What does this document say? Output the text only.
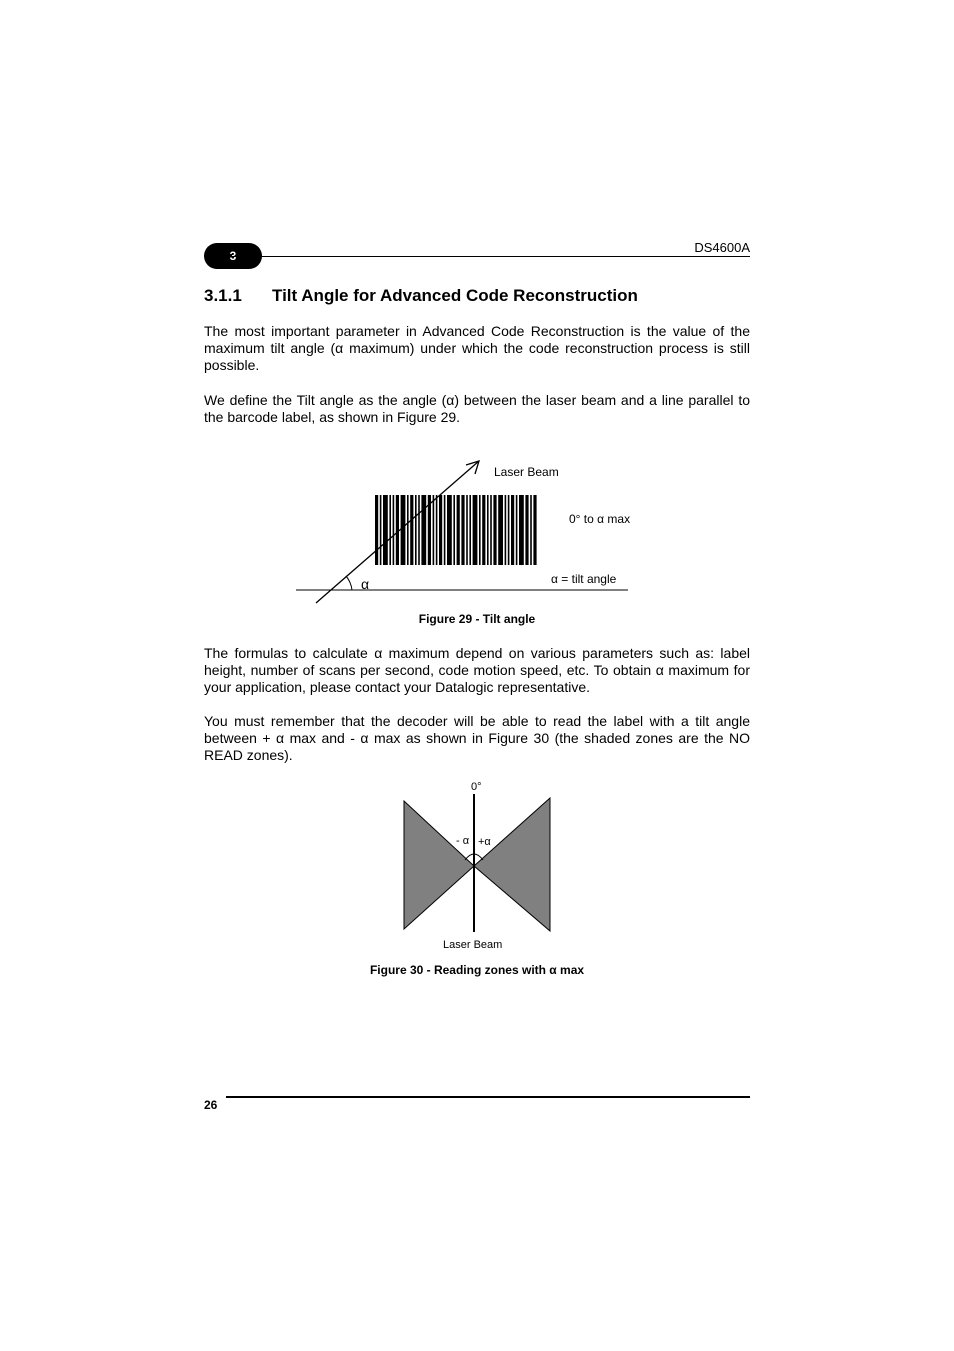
3
DS4600A
3.1.1 Tilt Angle for Advanced Code Reconstruction
The most important parameter in Advanced Code Reconstruction is the value of the maximum tilt angle (α maximum) under which the code reconstruction process is still possible.
We define the Tilt angle as the angle (α) between the laser beam and a line parallel to the barcode label, as shown in Figure 29.
α
Laser Beam
0° to α max
α = tilt angle
Figure 29 - Tilt angle
The formulas to calculate α maximum depend on various parameters such as: label height, number of scans per second, code motion speed, etc. To obtain α maximum for your application, please contact your Datalogic representative.
You must remember that the decoder will be able to read the label with a tilt angle between + α max and - α max as shown in Figure 30 (the shaded zones are the NO READ zones).
0°
- α +α
Laser Beam
Figure 30 - Reading zones with α max
26
